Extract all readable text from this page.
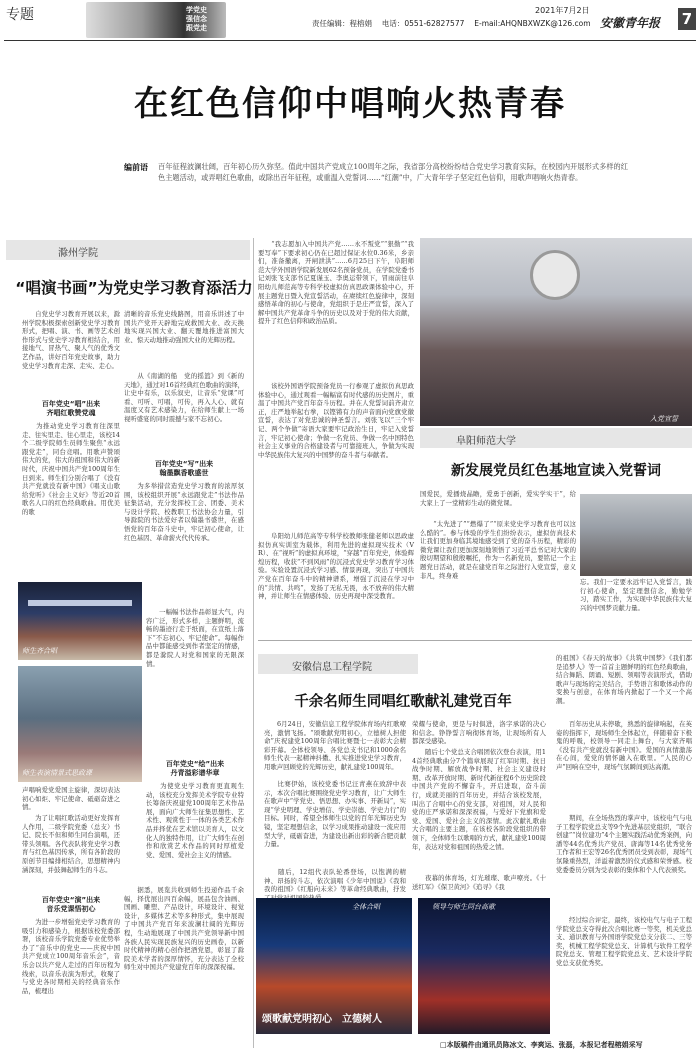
专题	学党史
强信念
跟党走	责任编辑：程榕娟　 电话：0551-62827577　 E-mail:AHQNBXWZK@126.com
2021年7月2日
安徽青年报 7
在红色信仰中唱响火热青春
编前语 百年征程波澜壮阔，百年初心历久弥坚。值此中国共产党成立100周年之际，我省部分高校纷纷结合党史学习教育实际，在校园内开展形式多样的红色主题活动，或弄唱红色歌曲，或除出百年征程，或重温入党誓词……“红潮”中，广大青年学子坚定红色信仰，用歌声唱响火热青春。
滁州学院
“唱演书画”为党史学习教育添活力
　　自党史学习教育开展以来，滁州学院积极探索创新党史学习教育形式，把唱、演、书、画等艺术创作形式与党史学习教育相结合，用接地气、冒热气、聚人气的优秀文艺作品，讲好百年党史故事，助力党史学习教育走深、走实、走心。
百年党史“唱”出来
齐唱红歌赞党魂
　　为推动党史学习教育往深里走、往实里走、往心里走，该校14个二级学院师生员师生聚焦“永远跟党走”，同台竞唱。用歌声赞颂伟大的党，伟大的祖国和伟大的新时代，庆祝中国共产党100周年生日到来。师生们分别合唱了《没有共产党就没有新中国》《唱支山歌给党听》《社会主义好》等近20首歌名人口的红色经典歌曲。用优美的歌
师生齐合唱
师生表演情景式思政课
声唱响爱党爱国主旋律，深切表达初心如炬、牢记使命、砥砺奋进之情。
　　为了让唱红歌活动更好发挥育人作用，二级学院党委（总支）书记、院长不但和师生同台演唱，还带头领唱。各代表队将党史学习教育与红色基因传承，所有各阶段的原创节目编排相结合，思想精神内涵深刻，并鼓舞起师生的斗志。
百年党史“演”出来
音乐党课悟初心
　　为进一步增强党史学习教育的吸引力和感染力，根据该校党委部署，该校音乐学院党委专业优势举办了“音乐中的党史——庆祝中国共产党成立100周年音乐会”，音乐会以共产党人走过的百年历程为线索，以音乐表演为形式，收聚了与党史各时期相关的经典音乐作品，梳理出
清晰的音乐党史线路图，用音乐讲述了中国共产党开天辟地完成救国大业、改天换地实现兴国大业、翻天覆地推进富国大业、惊天动地推动强国大业的光辉历程。
　　从《南湖的船　党的摇篮》到《新的天地》，通过对16首经典红色歌曲的演绎，让史中有乐，以乐叙史，让音乐“党课”可看、可听、可唱，可传，再入人心、就有温度又有艺术感染力，在给师生献上一场视听盛宴的同时震撼与家不忘初心。
百年党史“写”出来
翰墨飘香歌盛世
　　为多举措营造党史学习教育的浓厚氛围，该校组织开展“永远跟党走”书法作品征集活动，充分发挥校工会、团委、美术与设计学院、校教职工书法协会力量，引导滁院的书法爱好者以翰墨书盛世，在感悟党的百年奋斗史中，牢记初心使命，让红色基因、革命薪火代代传承。
　　一幅幅书法作品彰显大气，内容广泛，形式多样，主题鲜明，流畅的墨迹行走于纸面，在宣纸上落下“不忘初心、牢记使命”。每幅作品中都能感受到作者坚定的情感，都是滁院人对党和国家的无限深情。
百年党史“绘”出来
丹青溢彩谱华章
　　为使党史学习教育更直观生动，该校充分发挥美术学院专业特长筹备庆祝建党100周年艺术作品展，面向广大师生征集思想性、艺术性、观赏性于一体的各类艺术作品并择优在艺术馆以美育人，以文化人的独特作用，让广大师生在创作和欣赏艺术作品的同时厚植爱党、爱国、爱社会主义的情感。
　　据悉，展览共收到师生投递作品千余幅，择优展出四百余幅，展品包含油画、国画、雕塑、产品设计，环境设计、视觉设计，多媒体艺术等多种形式，集中展现了中国共产党百年来波澜壮阔的光辉历程，生动地展现了中国共产党领导新中国各族人民实现民族复兴的历史画卷，以新时代精神的精心创作把酒党恩，彰显了滁院美术学者的深厚情怀，充分表达了全校师生对中国共产党建党百年的深深祝福。
　　“我志愿加入中国共产党……永不叛党”“狠勤”“我要写奉”下要求初心仍在已超过保证水位0.36米，乡亲们，准备撤离，开闸泄洪”……6月25日下午，阜阳师范大学外国语学院新发展62名预备党员，在学院党委书记刘张飞支部书记夏谨玉、李奥运带领下，冒雨前往阜阳幼儿师范高等专科学校虚拟仿真思政课体验中心，开展主题党日暨入党宣誓活动，在赓续红色旋律中，深刻感悟革命的初心与使命，党组织于是庄严宣誓，深入了解中国共产党革命斗争的历史以及对于党的伟大贡献，提升了红色信仰和政治品质。
　　该校外国语学院预备党员一行参观了虚拟仿真思政体验中心，通过观看一幅幅富有时代感的历史图片，重温了中国共产党百年奋斗历程。并在人党誓词前齐肃立正，庄严地举起右拳，以铿锵有力的声音面向党旗党徽宣誓，表达了对党忠诚的神圣誓言。刘张飞以“三个牢记、两个争做”寄语大家要牢记政治生日，牢记入党誓言，牢记初心使命；争做一名党员、争做一名中国特色社会主义事业的合格建设者与可靠接班人，争做为实现中华民族伟大复兴的中国梦的奋斗者与奉献者。
　　阜阳幼儿师范高等专科学校教师张健老师以思政虚拟仿真实训室为载体，利用先进的虚拟现实技术（VR）、在“视听”的虚拟真环境，“穿越”百年党史，体验辉煌历程，收获“不到风雨”的沉浸式党史学习教育学习体验。实验设置沉浸式学习感、情景再现，突出了中国共产党在百年奋斗中的精神谱系，增强了沉浸在学习中的“共情、共鸣”，发扬了无私无畏，永不放弃的伟大精神，并让师生在情感体验、历史再现中深受教育。
入党宣誓
阜阳师范大学
新发展党员红色基地宣读入党誓词
国爱民，爱播烧晶瞻，爱勇于创新，爱实学实干”，给大家上了一堂精彩生动的微党课。
　　“太先进了”“燃爆了”“原来党史学习教育也可以这么酷的”。参与体验的学生们纷纷表示，虚拟仿真技术让我们更加身临其境地感受到了党的奋斗历程，精彩的微党课让我们更加深刻地领悟了习近平总书记对大家的殷切期望和殷殷嘱托，作为一名新党员，要铭记一个主题党日活动，就是在建党百年之际进行入党宣誓，意义非凡，终身难
忘。我们一定要永远牢记入党誓言，践行初心使命，坚定理想信念，勤勉学习，踏实工作，为实现中华民族伟大复兴的中国梦贡献力量。
安徽信息工程学院
千余名师生同唱红歌献礼建党百年
　　6月24日，安徽信息工程学院体育场内红歌嘹亮，激情飞扬。“颂歌献党明初心，立德树人担使命”庆祝建党100周年合唱比赛暨七一表彰大会精彩开幕。全体校领导、各党总支书记和1000余名师生代表一起精神抖擞、扎实推进党史学习教育，用歌声回顾党的光辉历史，献礼建党100周年。
　　比赛伊始，该校党委书记汪青燕在致辞中表示，本次合唱比赛围绕党史学习教育，让广大师生在歌声中“学党史、悟思想、办实事、开新局”，实现“学史明理、学史增信、学史崇德、学史力行”的目标。同时，希望全体师生以党的百年光辉历史为镜，坚定理想信念，以学习成果推动建设一流应用型大学，砥砺奋进，为建设出新出彩的新合肥贡献力量。
　　随后，12组代表队轮番登场，以饱满的精神、昂扬的斗志，依次演唱《少年中国说》《我和我的祖国》《红船向未来》等革命经典歌曲，抒发
荣耀与使命，更是与时俱进，洛字承诺的决心和信念。铮铮誓言响彻体育场，让现场所有人都深受感染。
　　随后七个党总支合唱团依次登台表演，用14首经典歌曲分7个篇章展现了红军时期、抗日战争时期、解放战争时期、社会主义建设时期、改革开放时期、新时代新征程6个历史阶段中国共产党的不懈奋斗，开启进取，奋斗前行，成就美丽的百年历史，并结合该校发展，叫出了合唱中心的党支部，对祖国，对人民和党的庄严承诺和深深祝福，与爱好下党旗和爱党、爱国、爱社会主义的深情。此次献礼歌曲大合唱的主要主题，在该校各阶段党组织的带领下，全体师生以歌唱的方式，献礼建党100周年，表达对党和祖国的热爱之情。
　　夜幕的体育场，灯光璀璨、歌声嘹亮。《十送红军》《保卫黄河》《追寻》《我
全体合唱
颂歌献党明初心　立德树人
领导与师生同台高歌
的祖国》《春天的故事》《共筑中国梦》《我们都是追梦人》等一首首主题鲜明的红色经典歌曲，结合舞蹈、朗诵、短剧、领唱等表演形式，借助歌声与现场的完美结合，手势语言和歌体动作的变换与创意，在体育场内掀起了一个又一个高潮。
　　百年历史从未停歇，熟悉的旋律响起，在英姿的指挥下，现场师生全体起立，伴随着奋下极鬼的呼吸，校领导一同走上舞台，与大家齐唱《没有共产党就没有新中国》。爱国的真情激荡在心间，爱党的情怀融入在歌里。“人民的心声”回响在空中，现场气氛瞬间到达高潮。
　　期间，在全场热烈的掌声中，该校电气与电子工程学院党总支等9个先进基层党组织，“联合创建”“岗位建功”4个主题实践活动优秀案例，向潘等44名优秀共产党员、唐海等14名优秀党务工作者和王宏等26名优秀团员受到表彰，现场气氛隆重热烈，洋溢着激烈的仪式感和荣誉感。校党委委员分别为受表彰的集体和个人代表颁奖。
　　经过综合评定，最终，该校电气与电子工程学院党总支夺得此次合唱比赛一等奖，机关党总支、通识教育与外国语学院党总支分获二、三等奖，机械工程学院党总支、计算机与软件工程学院党总支、管理工程学院党总支、艺术设计学院党总支获优秀奖。
□本版稿件由通讯员陈冰文、李爽运、张磊，本报记者程榕娟采写
